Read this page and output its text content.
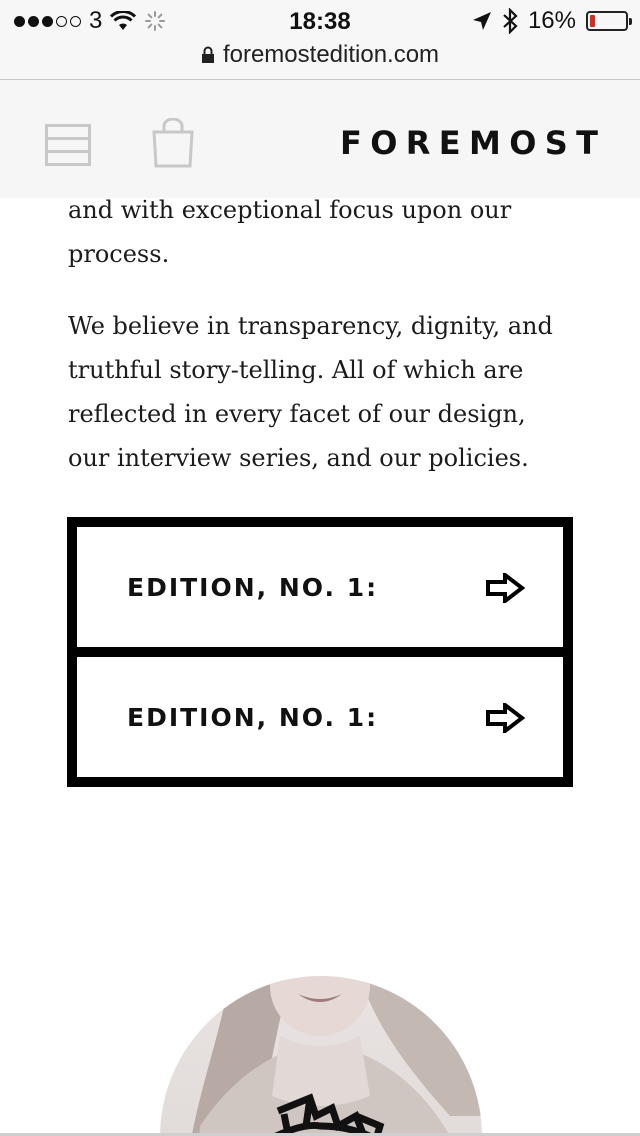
3	18:38	16%
foremostedition.com
FOREMOST
and with exceptional focus upon our
process.
We believe in transparency, dignity, and
truthful story-telling. All of which are
reflected in every facet of our design,
our interview series, and our policies.
EDITION, NO. 1:
EDITION, NO. 1:
